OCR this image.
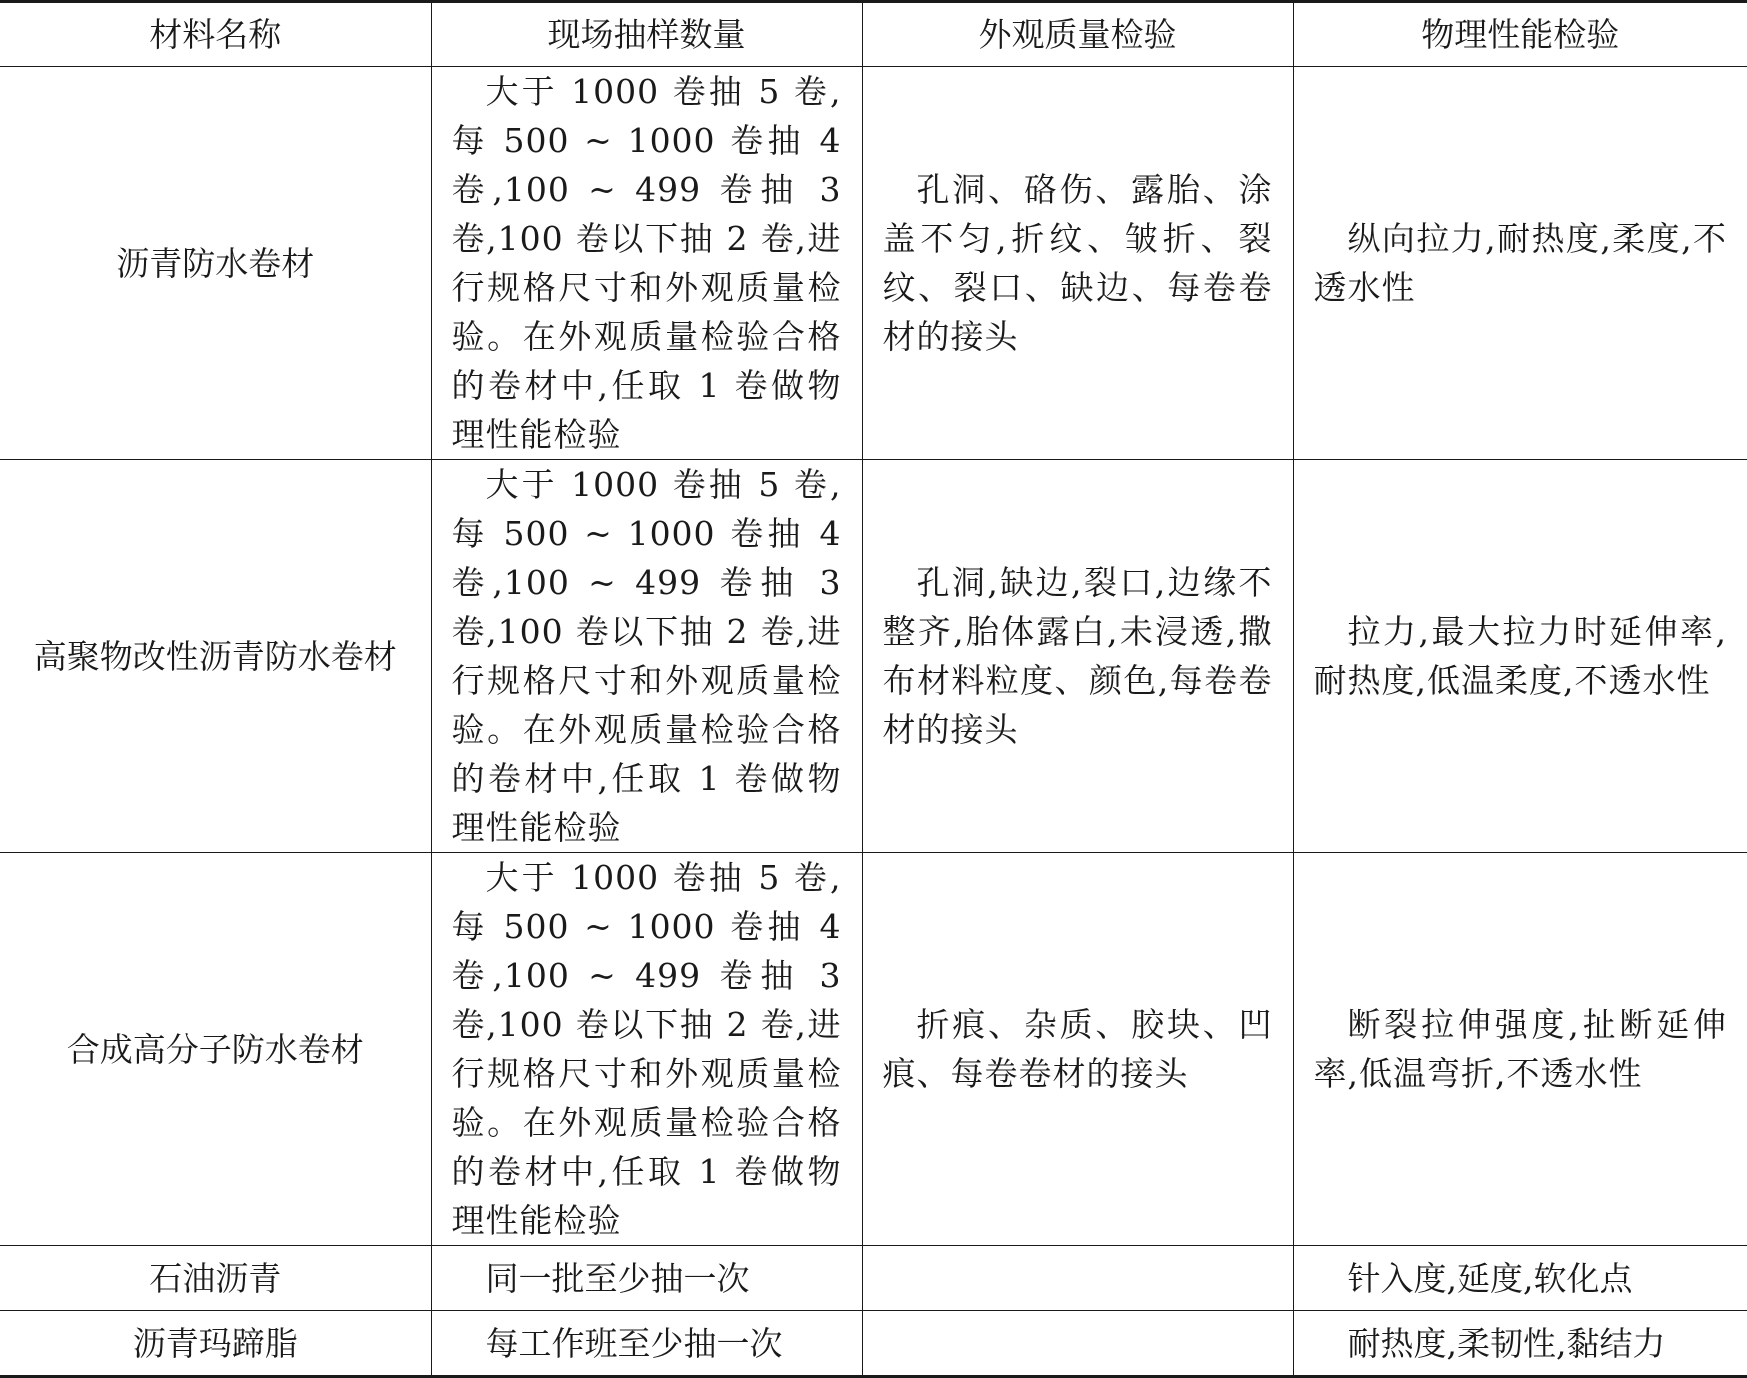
材料名称	现场抽样数量	外观质量检验	物理性能检验
沥青防水卷材	大于 1000 卷抽 5 卷,每 500 ~ 1000 卷抽 4 卷,100 ~ 499 卷抽 3 卷,100 卷以下抽 2 卷,进行规格尺寸和外观质量检验。在外观质量检验合格的卷材中,任取 1 卷做物理性能检验	孔洞、硌伤、露胎、涂盖不匀,折纹、皱折、裂纹、裂口、缺边、每卷卷材的接头	纵向拉力,耐热度,柔度,不透水性
高聚物改性沥青防水卷材	大于 1000 卷抽 5 卷,每 500 ~ 1000 卷抽 4 卷,100 ~ 499 卷抽 3 卷,100 卷以下抽 2 卷,进行规格尺寸和外观质量检验。在外观质量检验合格的卷材中,任取 1 卷做物理性能检验	孔洞,缺边,裂口,边缘不整齐,胎体露白,未浸透,撒布材料粒度、颜色,每卷卷材的接头	拉力,最大拉力时延伸率,耐热度,低温柔度,不透水性
合成高分子防水卷材	大于 1000 卷抽 5 卷,每 500 ~ 1000 卷抽 4 卷,100 ~ 499 卷抽 3 卷,100 卷以下抽 2 卷,进行规格尺寸和外观质量检验。在外观质量检验合格的卷材中,任取 1 卷做物理性能检验	折痕、杂质、胶块、凹痕、每卷卷材的接头	断裂拉伸强度,扯断延伸率,低温弯折,不透水性
石油沥青	同一批至少抽一次		针入度,延度,软化点
沥青玛蹄脂	每工作班至少抽一次		耐热度,柔韧性,黏结力
